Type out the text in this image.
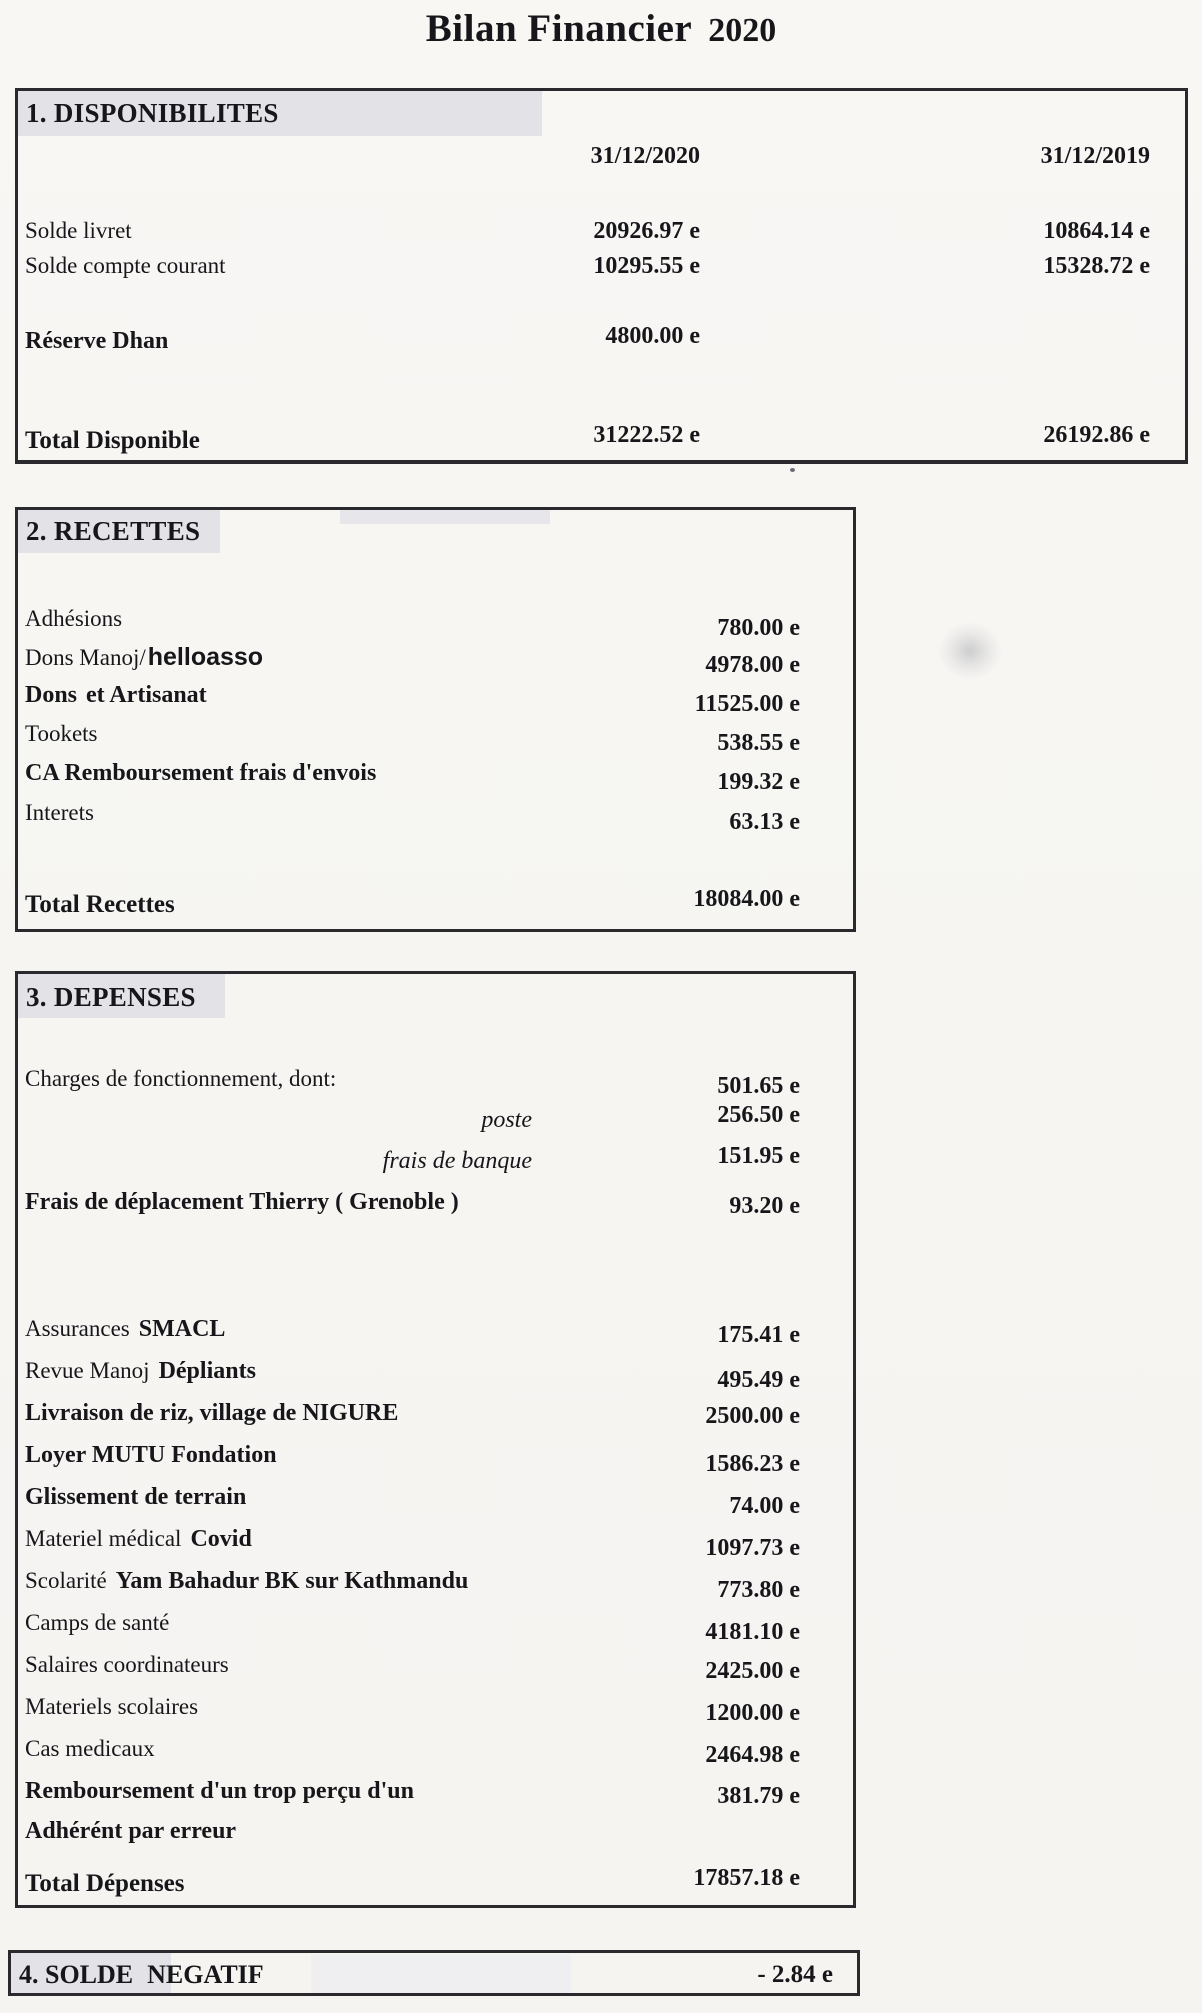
Bilan Financier 2020
1. DISPONIBILITES
31/12/2020	31/12/2019
Solde livret	20926.97 e	10864.14 e
Solde compte courant	10295.55 e	15328.72 e
Réserve Dhan	4800.00 e
Total Disponible	31222.52 e	26192.86 e
2. RECETTES
Adhésions	780.00 e
Dons Manoj/helloasso	4978.00 e
Dons et Artisanat	11525.00 e
Tookets	538.55 e
CA Remboursement frais d'envois	199.32 e
Interets	63.13 e
Total Recettes	18084.00 e
3. DEPENSES
Charges de fonctionnement, dont:	501.65 e
poste	256.50 e
frais de banque	151.95 e
Frais de déplacement Thierry ( Grenoble )	93.20 e
Assurances SMACL	175.41 e
Revue Manoj Dépliants	495.49 e
Livraison de riz, village de NIGURE	2500.00 e
Loyer MUTU Fondation	1586.23 e
Glissement de terrain	74.00 e
Materiel médical Covid	1097.73 e
Scolarité Yam Bahadur BK sur Kathmandu	773.80 e
Camps de santé	4181.10 e
Salaires coordinateurs	2425.00 e
Materiels scolaires	1200.00 e
Cas medicaux	2464.98 e
Remboursement d'un trop perçu d'un	381.79 e
Adhérént par erreur
Total Dépenses	17857.18 e
4. SOLDE NEGATIF	- 2.84 e
